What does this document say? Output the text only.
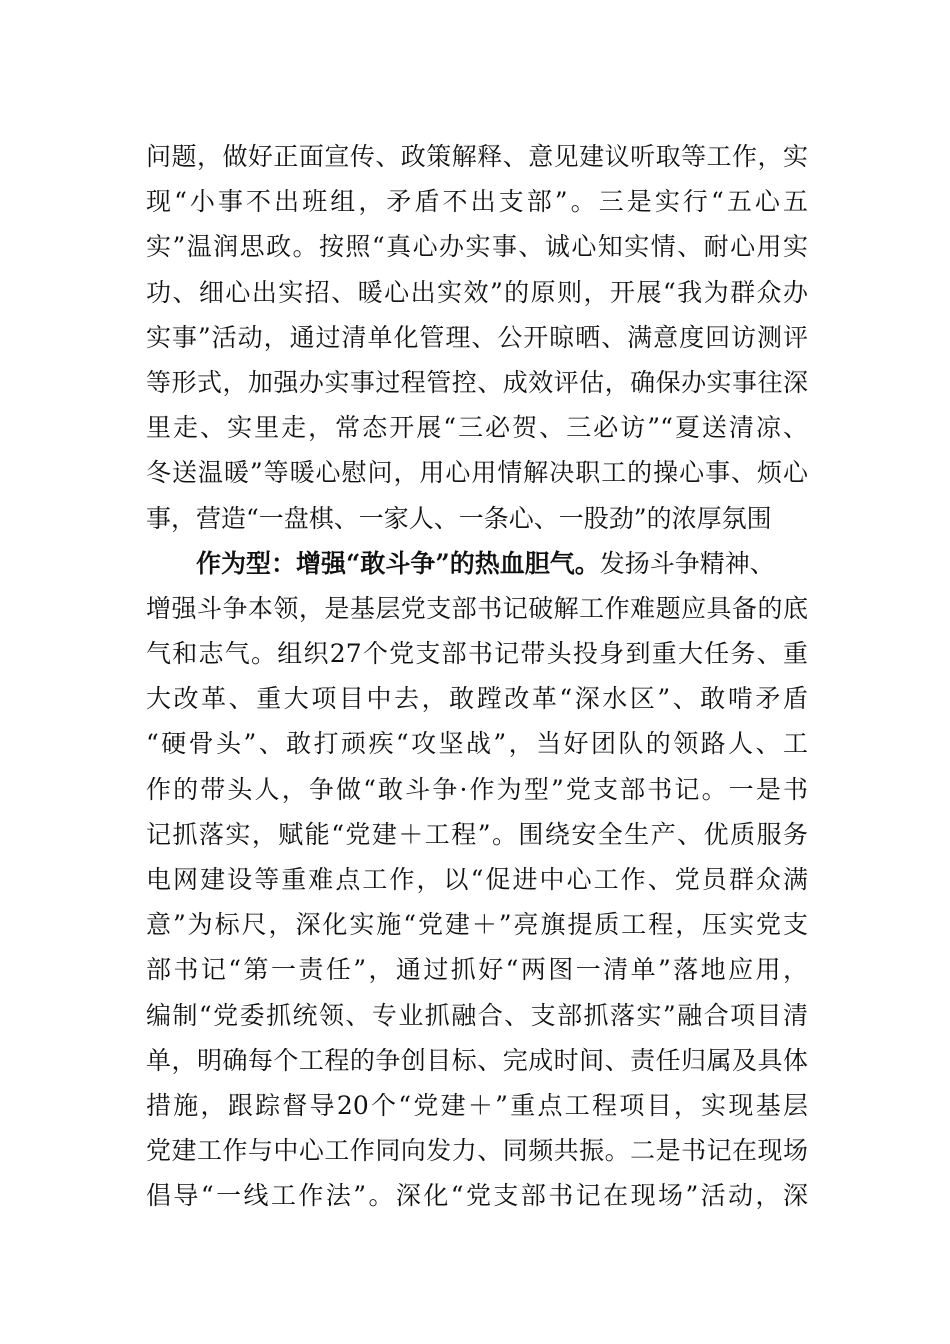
问题，做好正面宣传、政策解释、意见建议听取等工作，实
现“小事不出班组，矛盾不出支部”。三是实行“五心五
实”温润思政。按照“真心办实事、诚心知实情、耐心用实
功、细心出实招、暖心出实效”的原则，开展“我为群众办
实事”活动，通过清单化管理、公开晾晒、满意度回访测评
等形式，加强办实事过程管控、成效评估，确保办实事往深
里走、实里走，常态开展“三必贺、三必访”“夏送清凉、
冬送温暖”等暖心慰问，用心用情解决职工的操心事、烦心
事，营造“一盘棋、一家人、一条心、一股劲”的浓厚氛围
作为型：增强“敢斗争”的热血胆气。发扬斗争精神、
增强斗争本领，是基层党支部书记破解工作难题应具备的底
气和志气。组织27个党支部书记带头投身到重大任务、重
大改革、重大项目中去，敢蹚改革“深水区”、敢啃矛盾
“硬骨头”、敢打顽疾“攻坚战”，当好团队的领路人、工
作的带头人，争做“敢斗争·作为型”党支部书记。一是书
记抓落实，赋能“党建＋工程”。围绕安全生产、优质服务
电网建设等重难点工作，以“促进中心工作、党员群众满
意”为标尺，深化实施“党建＋”亮旗提质工程，压实党支
部书记“第一责任”，通过抓好“两图一清单”落地应用，
编制“党委抓统领、专业抓融合、支部抓落实”融合项目清
单，明确每个工程的争创目标、完成时间、责任归属及具体
措施，跟踪督导20个“党建＋”重点工程项目，实现基层
党建工作与中心工作同向发力、同频共振。二是书记在现场
倡导“一线工作法”。深化“党支部书记在现场”活动，深
